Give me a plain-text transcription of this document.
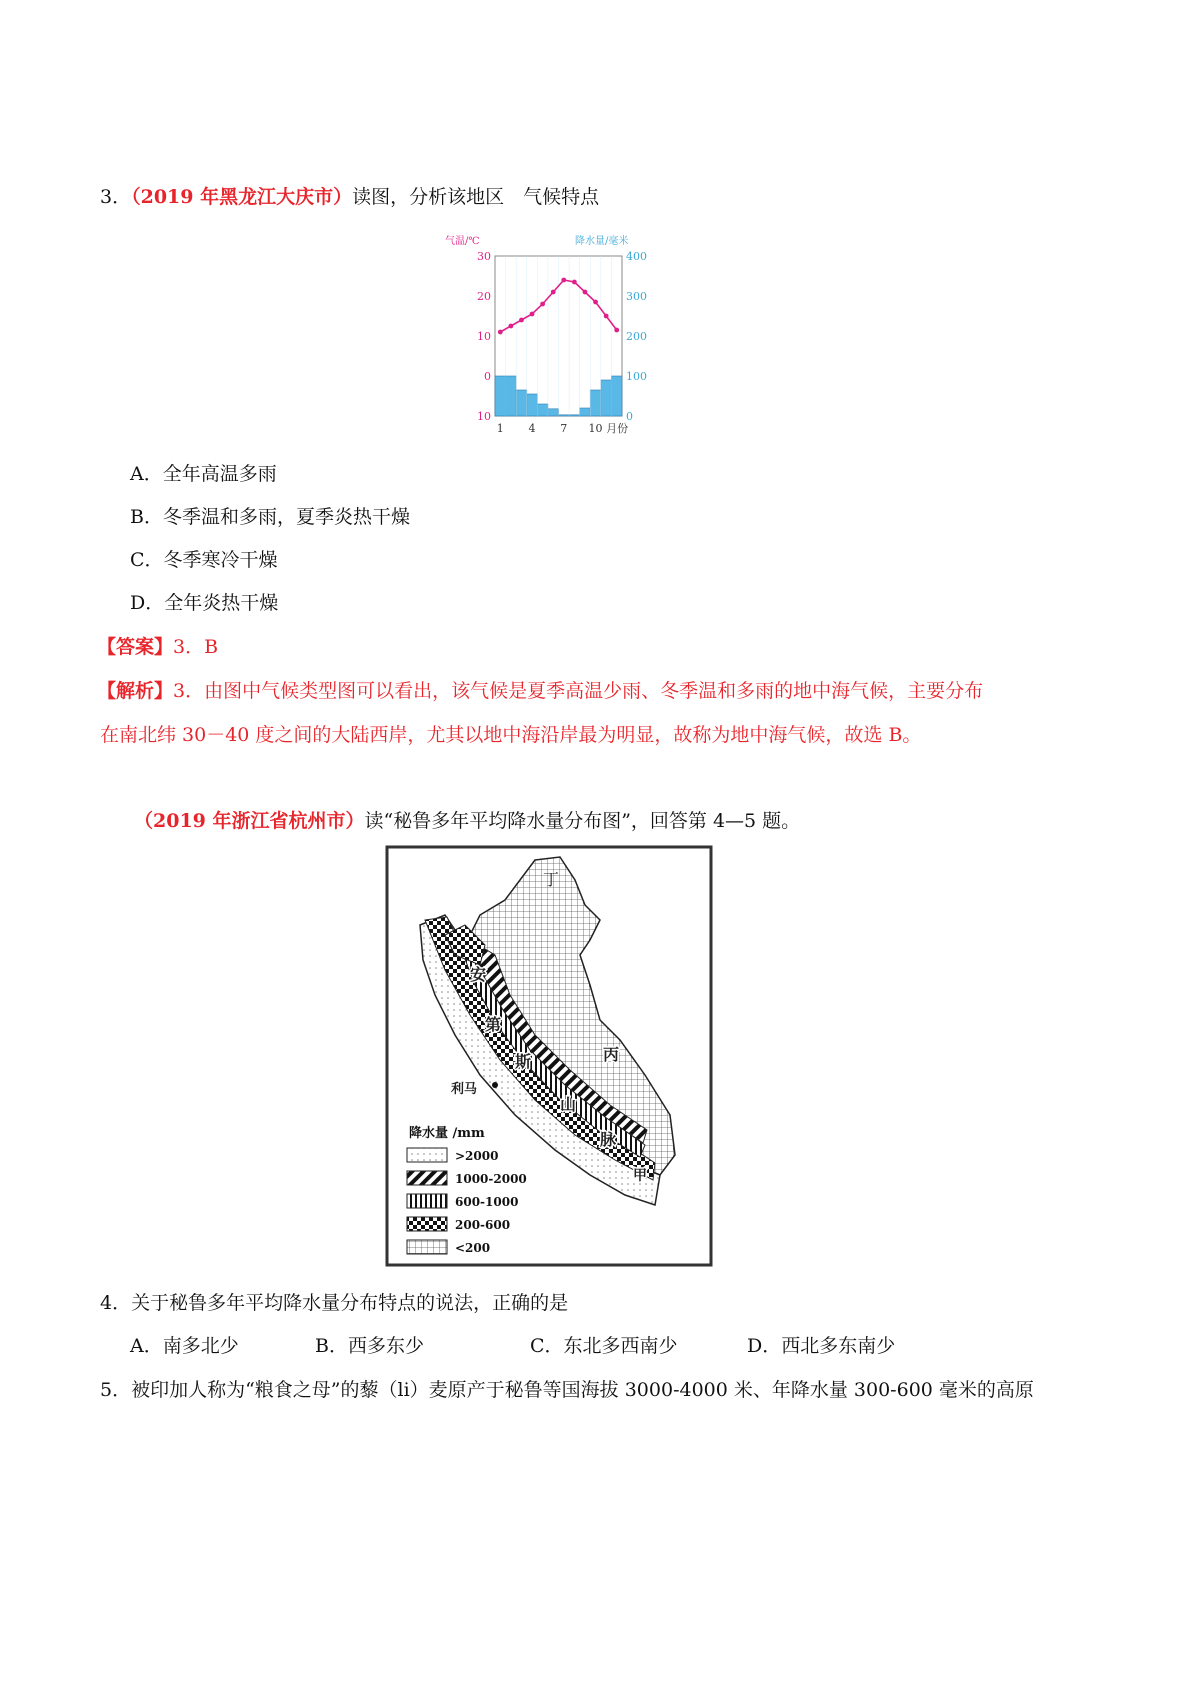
3．（2019 年黑龙江大庆市）读图，分析该地区　气候特点
气温/℃	降水量/毫米
30
20
10
0
10
400
300
200
100
0
1 4 7 10 月份
A．全年高温多雨
B．冬季温和多雨，夏季炎热干燥
C．冬季寒冷干燥
D．全年炎热干燥
【答案】3．B
【解析】3．由图中气候类型图可以看出，该气候是夏季高温少雨、冬季温和多雨的地中海气候，主要分布
在南北纬 30－40 度之间的大陆西岸，尤其以地中海沿岸最为明显，故称为地中海气候，故选 B。
（2019 年浙江省杭州市）读“秘鲁多年平均降水量分布图”，回答第 4—5 题。
丁
安
第
斯
山
脉
丙
甲
利马
降水量 /mm
>2000
1000-2000
600-1000
200-600
<200
4．关于秘鲁多年平均降水量分布特点的说法，正确的是
A．南多北少	B．西多东少	C．东北多西南少	D．西北多东南少
5．被印加人称为“粮食之母”的藜（li）麦原产于秘鲁等国海拔 3000-4000 米、年降水量 300-600 毫米的高原
